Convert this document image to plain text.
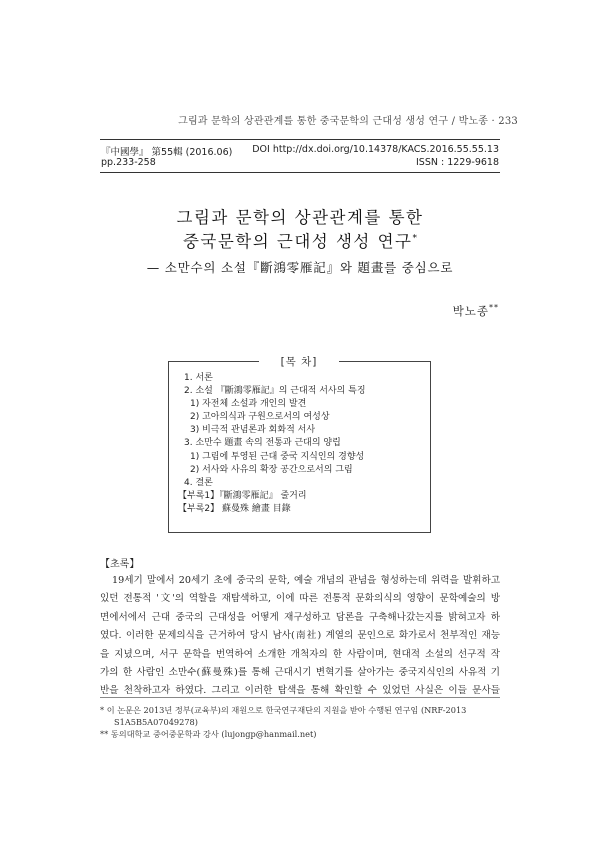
그림과 문학의 상관관계를 통한 중국문학의 근대성 생성 연구 / 박노종 · 233
『中國學』 第55輯 (2016.06) DOI http://dx.doi.org/10.14378/KACS.2016.55.55.13
pp.233-258	ISSN : 1229-9618
그림과 문학의 상관관계를 통한
중국문학의 근대성 생성 연구*
— 소만수의 소설『斷鴻零雁記』와 題畫를 중심으로
박노종**
[목 차]
1. 서론
2. 소설 『斷鴻零雁記』의 근대적 서사의 특징
1) 자전체 소설과 개인의 발견
2) 고아의식과 구원으로서의 여성상
3) 비극적 관념론과 회화적 서사
3. 소만수 題畫 속의 전통과 근대의 양립
1) 그림에 투영된 근대 중국 지식인의 경향성
2) 서사와 사유의 확장 공간으로서의 그림
4. 결론
【부록1】『斷鴻零雁記』 줄거리
【부록2】 蘇曼殊 繪畫 目錄
【초록】
19세기 말에서 20세기 초에 중국의 문학, 예술 개념의 관념을 형성하는데 위력을 발휘하고
있던 전통적 '文'의 역할을 재탐색하고, 이에 따른 전통적 문화의식의 영향이 문학예술의 방
면에서에서 근대 중국의 근대성을 어떻게 재구성하고 담론을 구축해나갔는지를 밝혀고자 하
였다. 이러한 문제의식을 근거하여 당시 남사(南社) 계열의 문인으로 화가로서 천부적인 재능
을 지녔으며, 서구 문학을 번역하여 소개한 개척자의 한 사람이며, 현대적 소설의 선구적 작
가의 한 사람인 소만수(蘇曼殊)를 통해 근대시기 변혁기를 살아가는 중국지식인의 사유적 기
반을 천착하고자 하였다. 그리고 이러한 탐색을 통해 확인할 수 있었던 사실은 이들 문사들
* 이 논문은 2013년 정부(교육부)의 재원으로 한국연구재단의 지원을 받아 수행된 연구임 (NRF-2013
S1A5B5A07049278)
** 동의대학교 중어중문학과 강사 (lujongp@hanmail.net)
